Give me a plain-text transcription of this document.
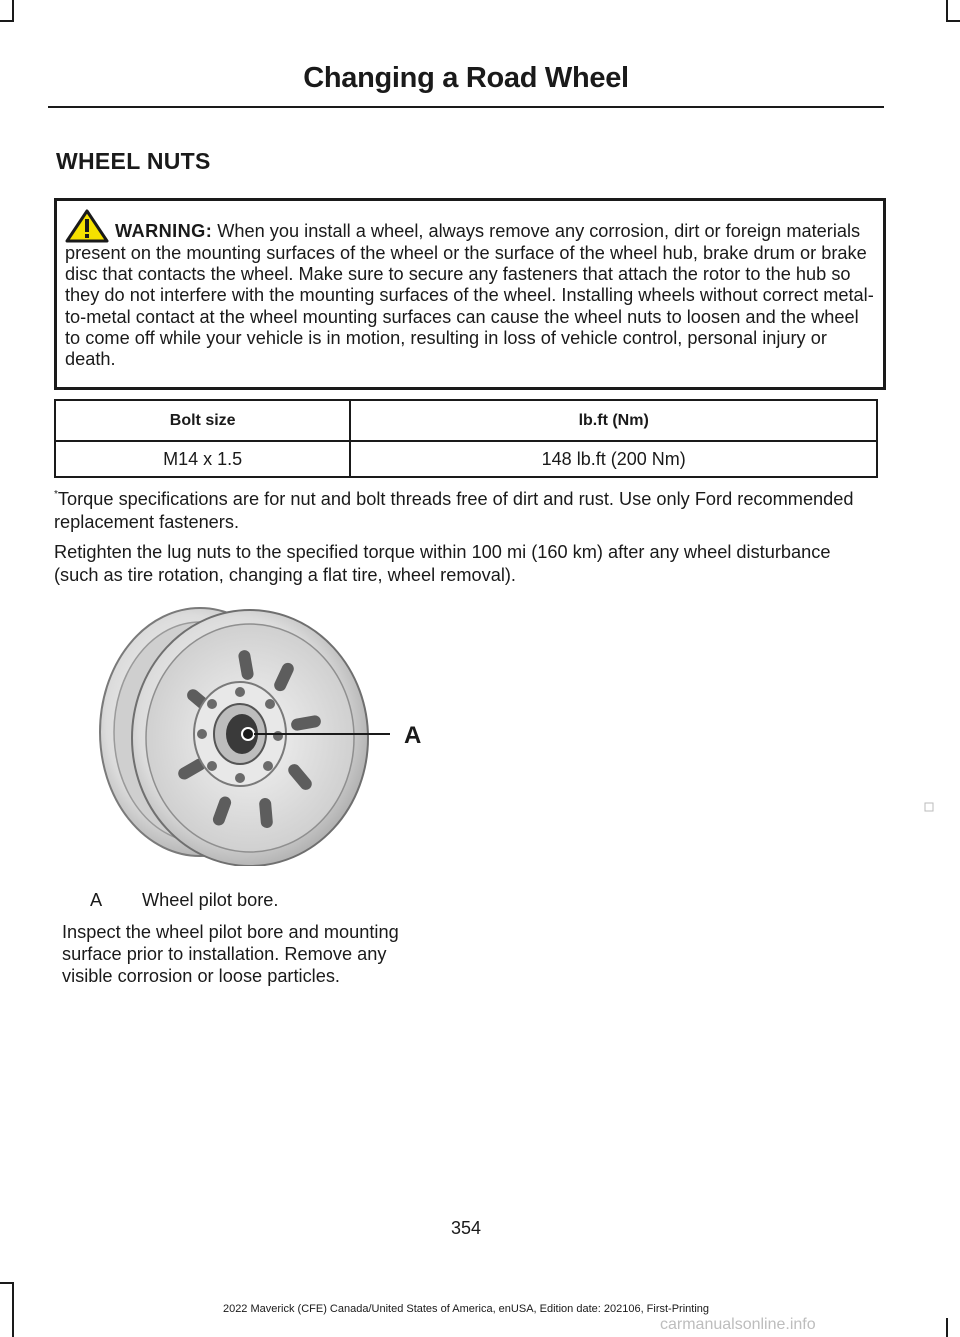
Changing a Road Wheel
WHEEL NUTS
WARNING: When you install a wheel, always remove any corrosion, dirt or foreign materials present on the mounting surfaces of the wheel or the surface of the wheel hub, brake drum or brake disc that contacts the wheel. Make sure to secure any fasteners that attach the rotor to the hub so they do not interfere with the mounting surfaces of the wheel. Installing wheels without correct metal-to-metal contact at the wheel mounting surfaces can cause the wheel nuts to loosen and the wheel to come off while your vehicle is in motion, resulting in loss of vehicle control, personal injury or death.
Bolt size	lb.ft (Nm)
M14 x 1.5	148 lb.ft (200 Nm)

*Torque specifications are for nut and bolt threads free of dirt and rust. Use only Ford recommended replacement fasteners.

Retighten the lug nuts to the specified torque within 100 mi (160 km) after any wheel disturbance (such as tire rotation, changing a flat tire, wheel removal).

A

A Wheel pilot bore.

Inspect the wheel pilot bore and mounting surface prior to installation. Remove any visible corrosion or loose particles.

354

2022 Maverick (CFE) Canada/United States of America, enUSA, Edition date: 202106, First-Printing

carmanualsonline.info
